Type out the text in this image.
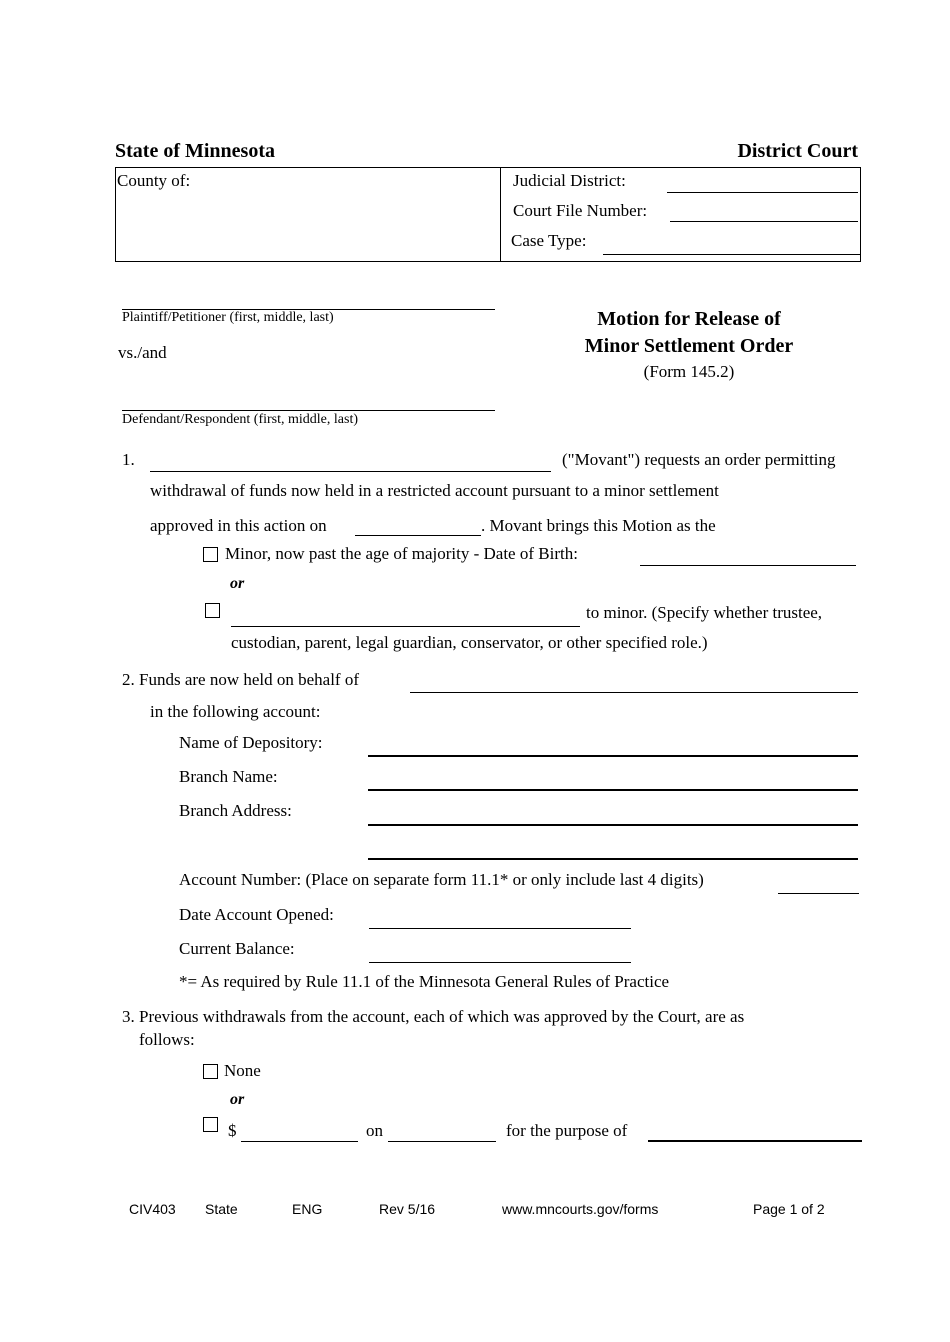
State of Minnesota	District Court
County of:	Judicial District:
Court File Number:
Case Type:
Plaintiff/Petitioner (first, middle, last)
vs./and
Defendant/Respondent (first, middle, last)
Motion for Release of
Minor Settlement Order
(Form 145.2)
1.	("Movant") requests an order permitting
withdrawal of funds now held in a restricted account pursuant to a minor settlement
approved in this action on	. Movant brings this Motion as the
Minor, now past the age of majority - Date of Birth:
or
to minor. (Specify whether trustee,
custodian, parent, legal guardian, conservator, or other specified role.)
2. Funds are now held on behalf of
in the following account:
Name of Depository:
Branch Name:
Branch Address:
Account Number: (Place on separate form 11.1* or only include last 4 digits)
Date Account Opened:
Current Balance:
*= As required by Rule 11.1 of the Minnesota General Rules of Practice
3. Previous withdrawals from the account, each of which was approved by the Court, are as
follows:
None
or
$	on	for the purpose of
CIV403 State	ENG	Rev 5/16	www.mncourts.gov/forms	Page 1 of 2
